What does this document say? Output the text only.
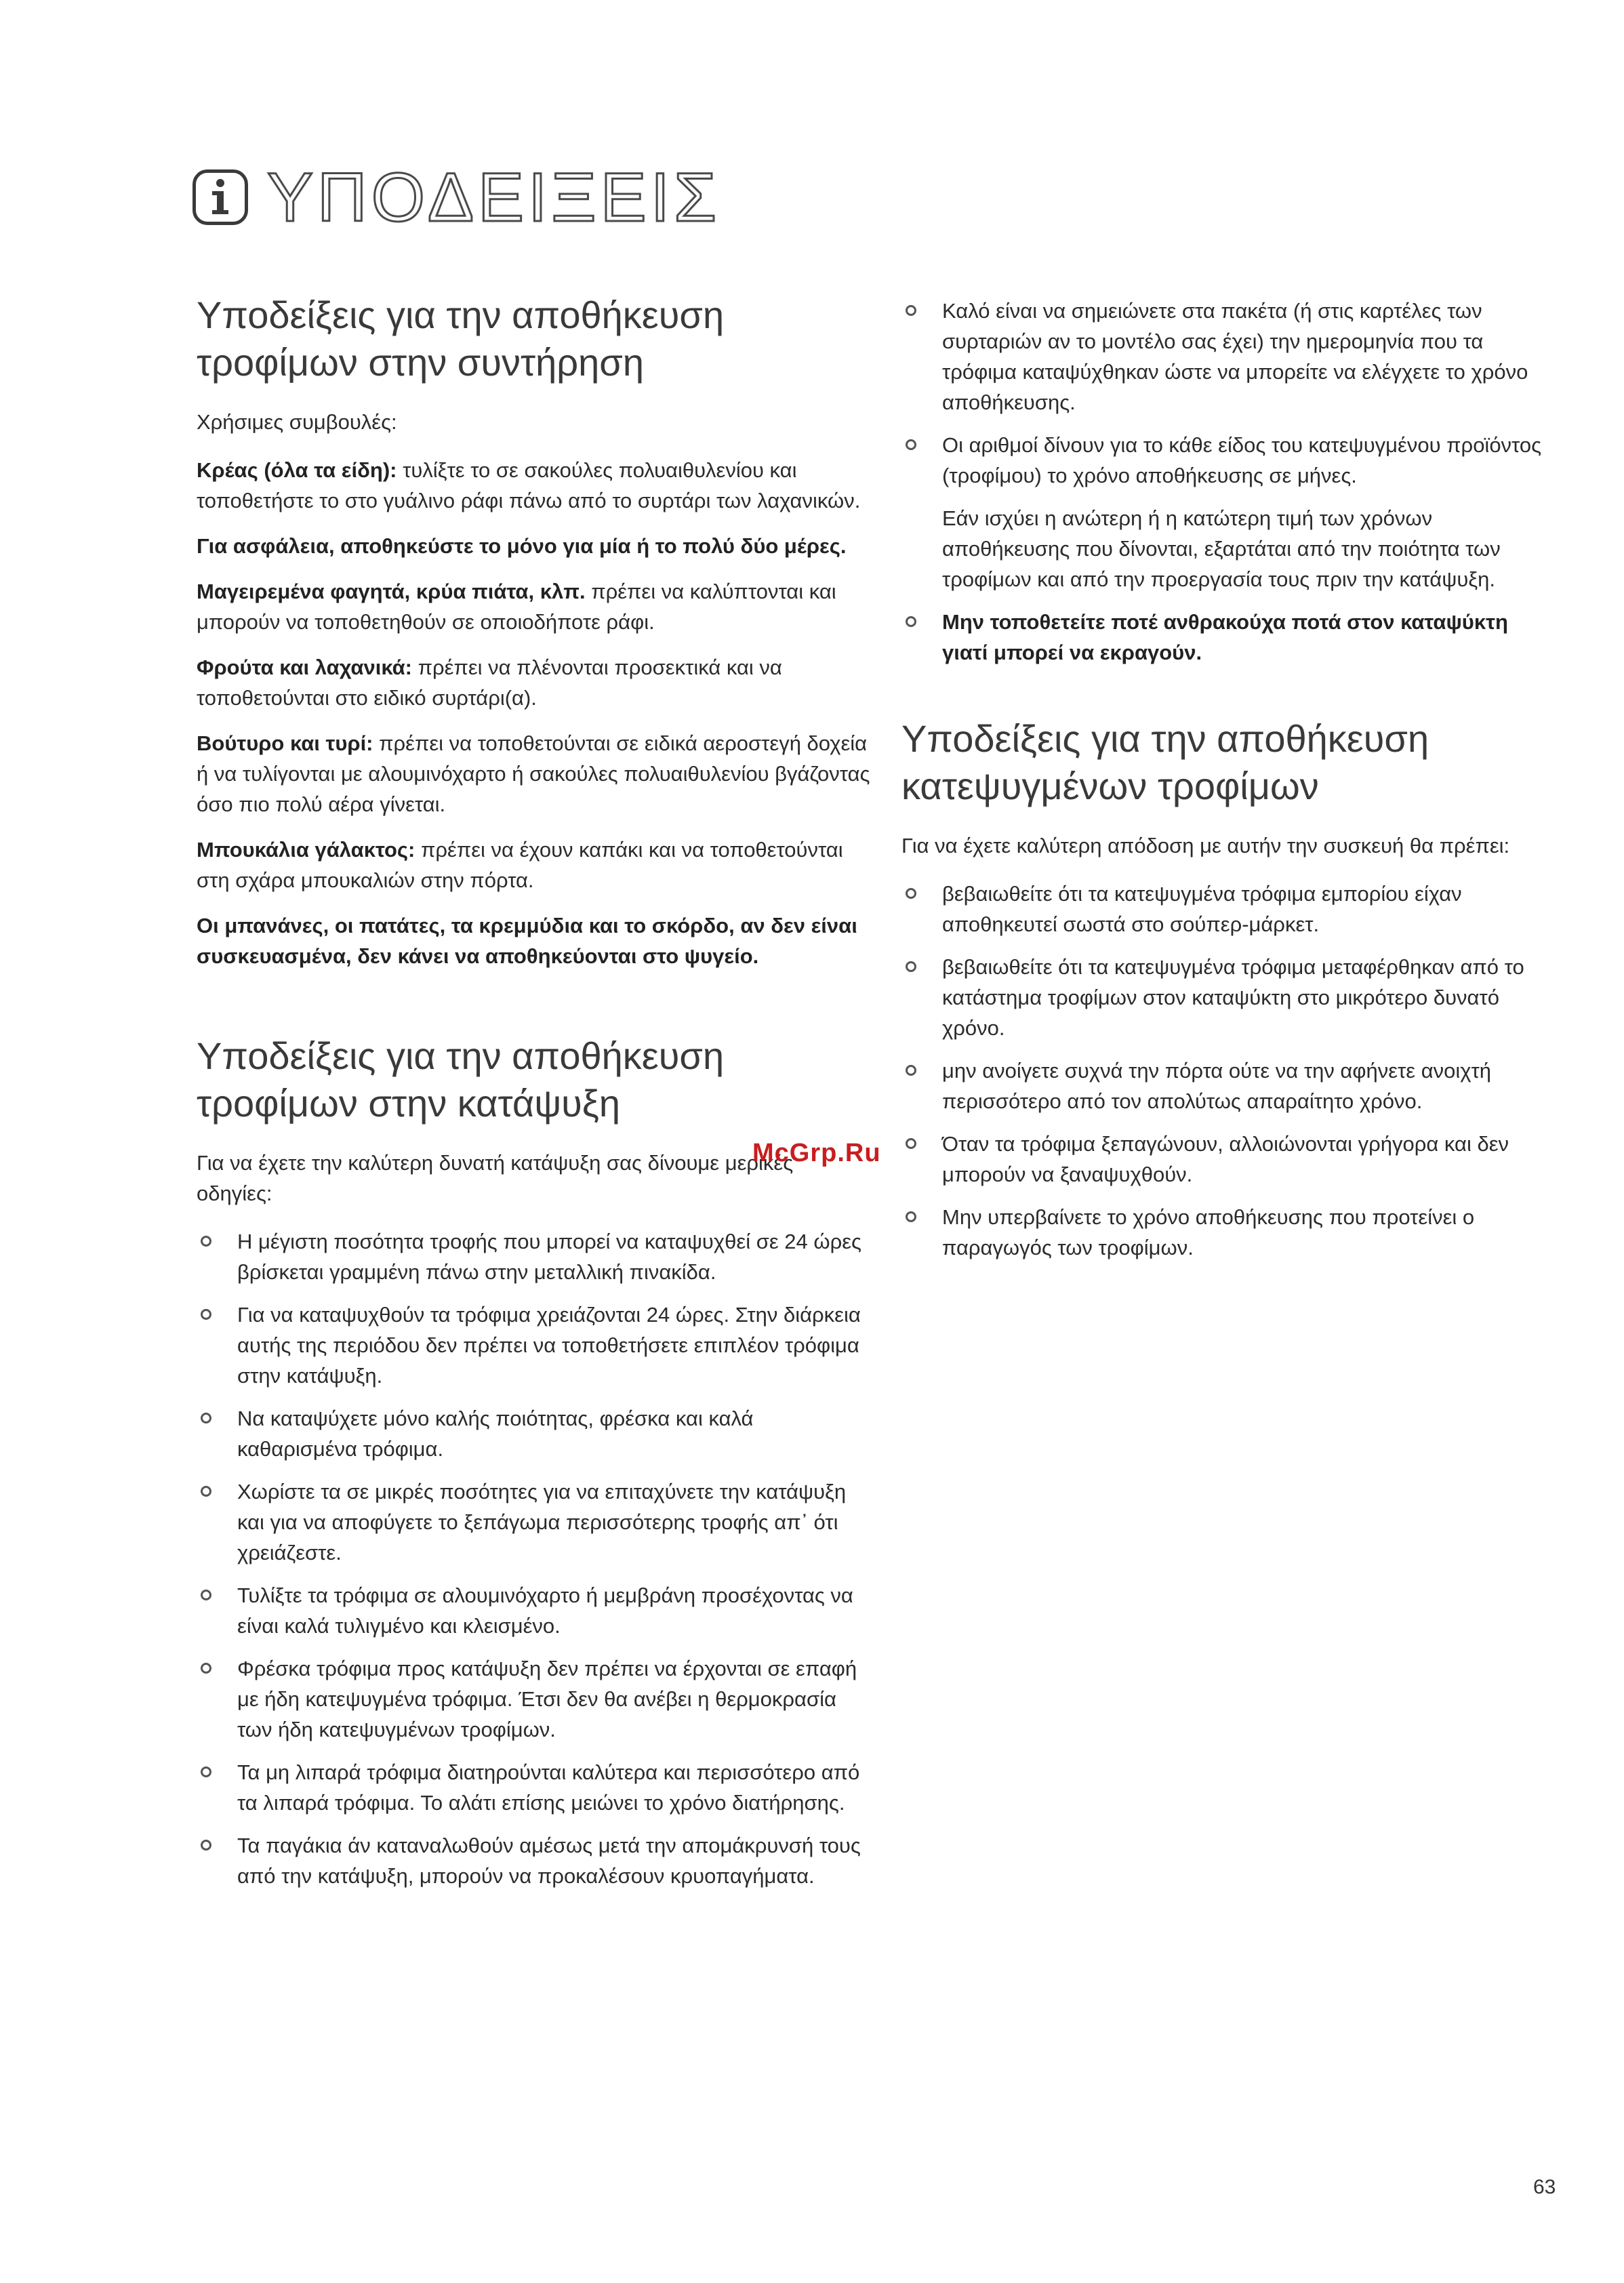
ΥΠΟΔΕΙΞΕΙΣ
Υποδείξεις για την αποθήκευση τροφίμων στην συντήρηση

Χρήσιμες συμβουλές:

Κρέας (όλα τα είδη): τυλίξτε το σε σακούλες πολυαιθυλενίου και τοποθετήστε το στο γυάλινο ράφι πάνω από το συρτάρι των λαχανικών.

Για ασφάλεια, αποθηκεύστε το μόνο για μία ή το πολύ δύο μέρες.

Μαγειρεμένα φαγητά, κρύα πιάτα, κλπ. πρέπει να καλύπτονται και μπορούν να τοποθετηθούν σε οποιοδήποτε ράφι.

Φρούτα και λαχανικά: πρέπει να πλένονται προσεκτικά και να τοποθετούνται στο ειδικό συρτάρι(α).

Βούτυρο και τυρί: πρέπει να τοποθετούνται σε ειδικά αεροστεγή δοχεία ή να τυλίγονται με αλουμινόχαρτο ή σακούλες πολυαιθυλενίου βγάζοντας όσο πιο πολύ αέρα γίνεται.

Μπουκάλια γάλακτος: πρέπει να έχουν καπάκι και να τοποθετούνται στη σχάρα μπουκαλιών στην πόρτα.

Οι μπανάνες, οι πατάτες, τα κρεμμύδια και το σκόρδο, αν δεν είναι συσκευασμένα, δεν κάνει να αποθηκεύονται στο ψυγείο.

Υποδείξεις για την αποθήκευση τροφίμων στην κατάψυξη

Για να έχετε την καλύτερη δυνατή κατάψυξη σας δίνουμε μερικές οδηγίες:

Η μέγιστη ποσότητα τροφής που μπορεί να καταψυχθεί σε 24 ώρες βρίσκεται γραμμένη πάνω στην μεταλλική πινακίδα.
Για να καταψυχθούν τα τρόφιμα χρειάζονται 24 ώρες. Στην διάρκεια αυτής της περιόδου δεν πρέπει να τοποθετήσετε επιπλέον τρόφιμα στην κατάψυξη.
Να καταψύχετε μόνο καλής ποιότητας, φρέσκα και καλά καθαρισμένα τρόφιμα.
Χωρίστε τα σε μικρές ποσότητες για να επιταχύνετε την κατάψυξη και για να αποφύγετε το ξεπάγωμα περισσότερης τροφής απ᾽ ότι χρειάζεστε.
Τυλίξτε τα τρόφιμα σε αλουμινόχαρτο ή μεμβράνη προσέχοντας να είναι καλά τυλιγμένο και κλεισμένο.
Φρέσκα τρόφιμα προς κατάψυξη δεν πρέπει να έρχονται σε επαφή με ήδη κατεψυγμένα τρόφιμα. Έτσι δεν θα ανέβει η θερμοκρασία των ήδη κατεψυγμένων τροφίμων.
Τα μη λιπαρά τρόφιμα διατηρούνται καλύτερα και περισσότερο από τα λιπαρά τρόφιμα. Το αλάτι επίσης μειώνει το χρόνο διατήρησης.
Τα παγάκια άν καταναλωθούν αμέσως μετά την απομάκρυνσή τους από την κατάψυξη, μπορούν να προκαλέσουν κρυοπαγήματα.
Καλό είναι να σημειώνετε στα πακέτα (ή στις καρτέλες των συρταριών αν το μοντέλο σας έχει) την ημερομηνία που τα τρόφιμα καταψύχθηκαν ώστε να μπορείτε να ελέγχετε το χρόνο αποθήκευσης.
Οι αριθμοί δίνουν για το κάθε είδος του κατεψυγμένου προϊόντος (τροφίμου) το χρόνο αποθήκευσης σε μήνες.
Εάν ισχύει η ανώτερη ή η κατώτερη τιμή των χρόνων αποθήκευσης που δίνονται, εξαρτάται από την ποιότητα των τροφίμων και από την προεργασία τους πριν την κατάψυξη.
Μην τοποθετείτε ποτέ ανθρακούχα ποτά στον καταψύκτη γιατί μπορεί να εκραγούν.
Υποδείξεις για την αποθήκευση κατεψυγμένων τροφίμων

Για να έχετε καλύτερη απόδοση με αυτήν την συσκευή θα πρέπει:

βεβαιωθείτε ότι τα κατεψυγμένα τρόφιμα εμπορίου είχαν αποθηκευτεί σωστά στο σούπερ-μάρκετ.
βεβαιωθείτε ότι τα κατεψυγμένα τρόφιμα μεταφέρθηκαν από το κατάστημα τροφίμων στον καταψύκτη στο μικρότερο δυνατό χρόνο.
μην ανοίγετε συχνά την πόρτα ούτε να την αφήνετε ανοιχτή περισσότερο από τον απολύτως απαραίτητο χρόνο.
Όταν τα τρόφιμα ξεπαγώνουν, αλλοιώνονται γρήγορα και δεν μπορούν να ξαναψυχθούν.
Μην υπερβαίνετε το χρόνο αποθήκευσης που προτείνει ο παραγωγός των τροφίμων.
McGrp.Ru
63
